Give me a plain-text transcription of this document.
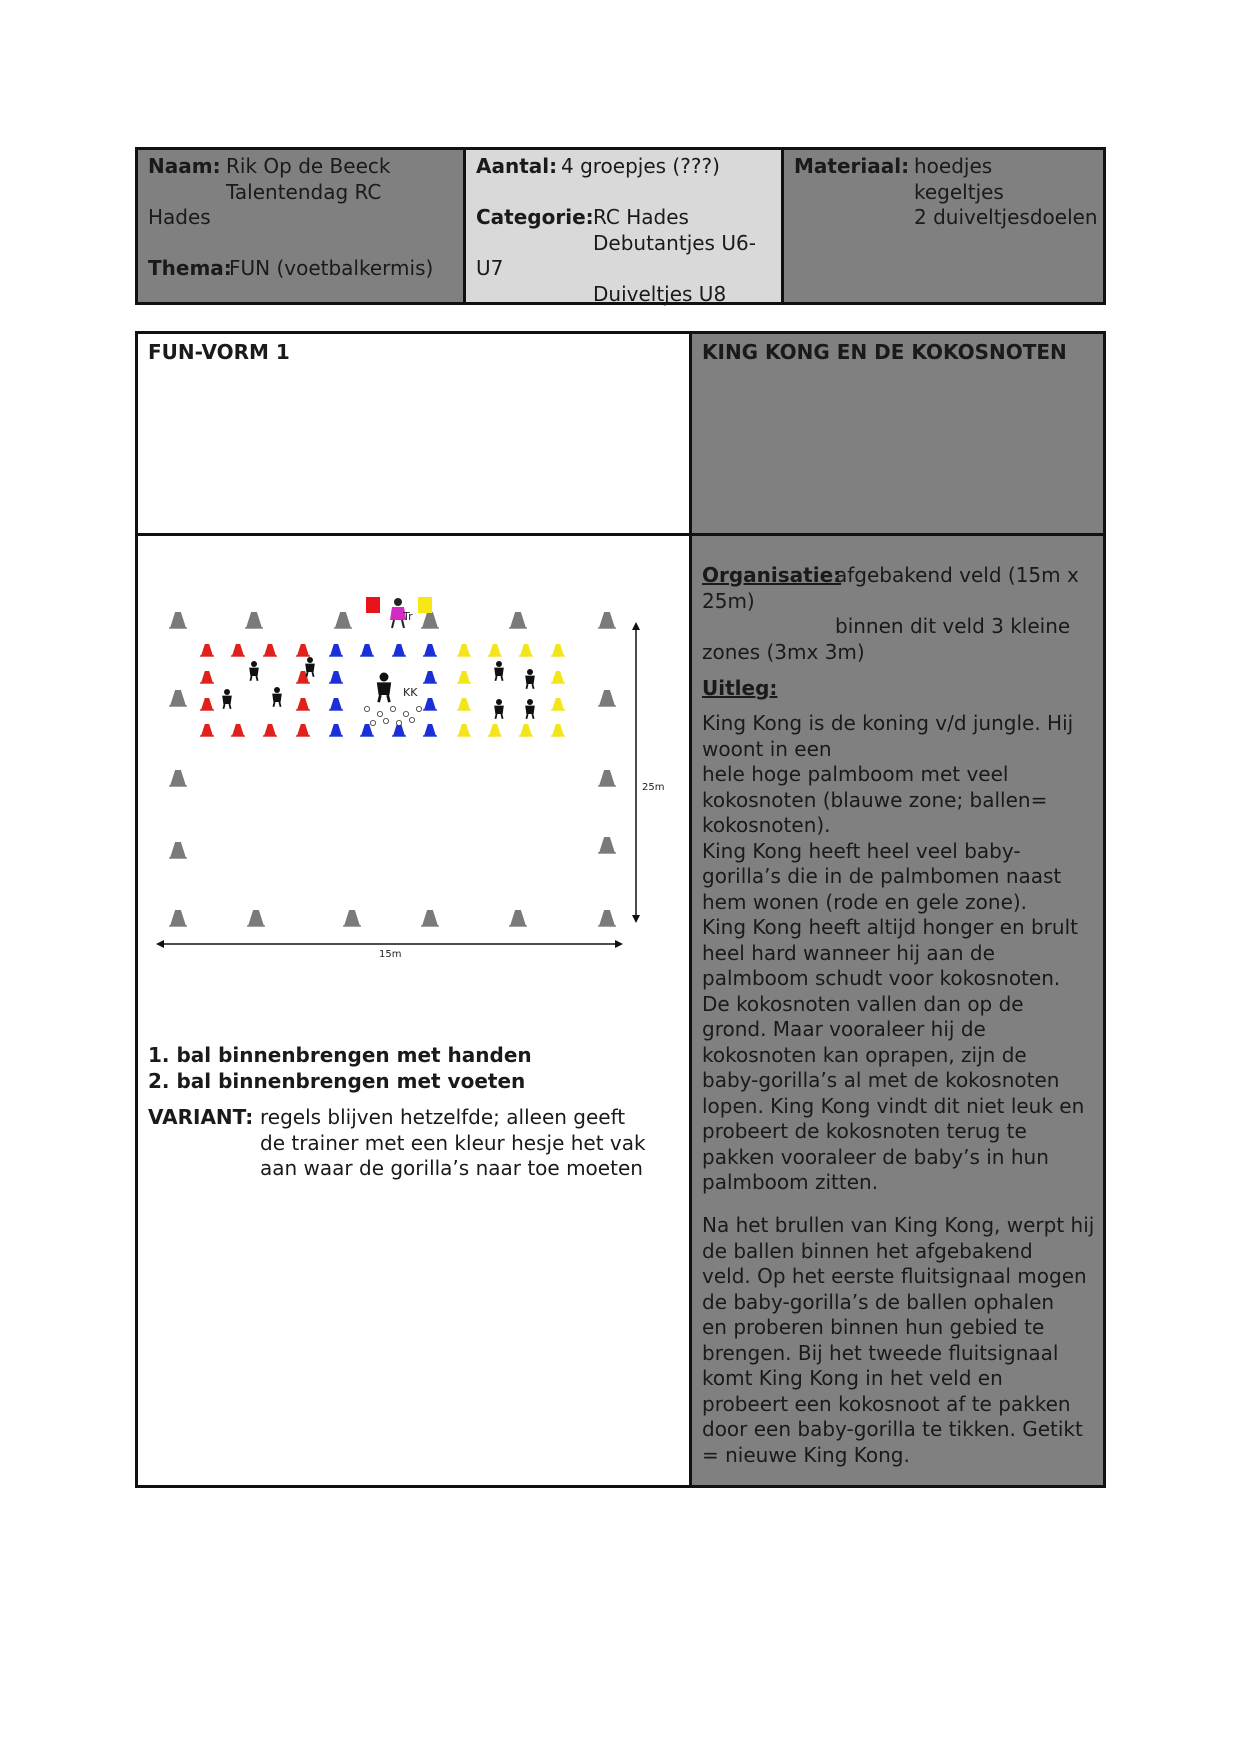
Naam: Rik Op de Beeck
Talentendag RC
Hades
Thema:
FUN (voetbalkermis)
Aantal: 4 groepjes (???)
Categorie: RC Hades
Debutantjes U6-
U7
Duiveltjes U8
Materiaal: hoedjes
kegeltjes
2 duiveltjesdoelen
FUN-VORM 1	KING KONG EN DE KOKOSNOTEN
Tr
KK
25m
15m
1. bal binnenbrengen met handen
2. bal binnenbrengen met voeten
VARIANT: regels blijven hetzelfde; alleen geeft
de trainer met een kleur hesje het vak
aan waar de gorilla’s naar toe moeten
Organisatie:
afgebakend veld (15m x
25m)
binnen dit veld 3 kleine
zones (3mx 3m)
Uitleg:
King Kong is de koning v/d jungle. Hij
woont in een
hele hoge palmboom met veel
kokosnoten (blauwe zone; ballen=
kokosnoten).
King Kong heeft heel veel baby-
gorilla’s die in de palmbomen naast
hem wonen (rode en gele zone).
King Kong heeft altijd honger en brult
heel hard wanneer hij aan de
palmboom schudt voor kokosnoten.
De kokosnoten vallen dan op de
grond. Maar vooraleer hij de
kokosnoten kan oprapen, zijn de
baby-gorilla’s al met de kokosnoten
lopen. King Kong vindt dit niet leuk en
probeert de kokosnoten terug te
pakken vooraleer de baby’s in hun
palmboom zitten.
Na het brullen van King Kong, werpt hij
de ballen binnen het afgebakend
veld. Op het eerste fluitsignaal mogen
de baby-gorilla’s de ballen ophalen
en proberen binnen hun gebied te
brengen. Bij het tweede fluitsignaal
komt King Kong in het veld en
probeert een kokosnoot af te pakken
door een baby-gorilla te tikken. Getikt
= nieuwe King Kong.
